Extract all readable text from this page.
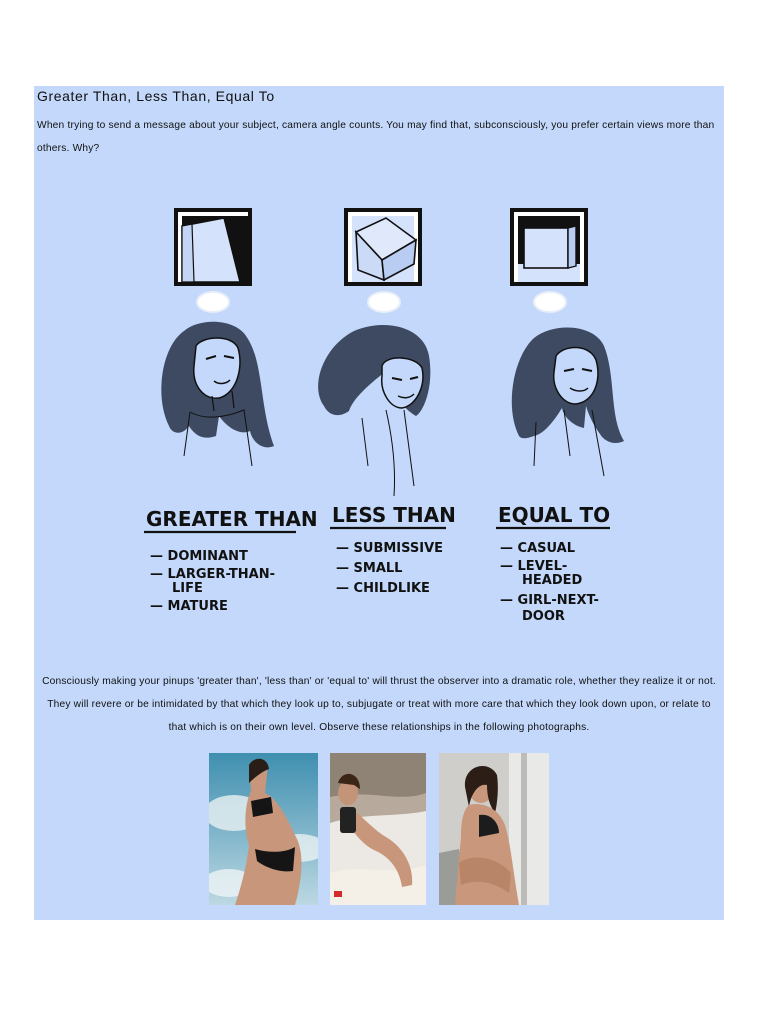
Greater Than, Less Than, Equal To
When trying to send a message about your subject, camera angle counts. You may find that, subconsciously, you prefer certain views more than others. Why?
>
GREATER THAN
— DOMINANT
— LARGER-THAN-
LIFE
— MATURE
<
LESS THAN
— SUBMISSIVE
— SMALL
— CHILDLIKE
=
EQUAL TO
— CASUAL
— LEVEL-
HEADED
— GIRL-NEXT-
DOOR
Consciously making your pinups 'greater than', 'less than' or 'equal to' will thrust the observer into a dramatic role, whether they realize it or not. They will revere or be intimidated by that which they look up to, subjugate or treat with more care that which they look down upon, or relate to that which is on their own level. Observe these relationships in the following photographs.
